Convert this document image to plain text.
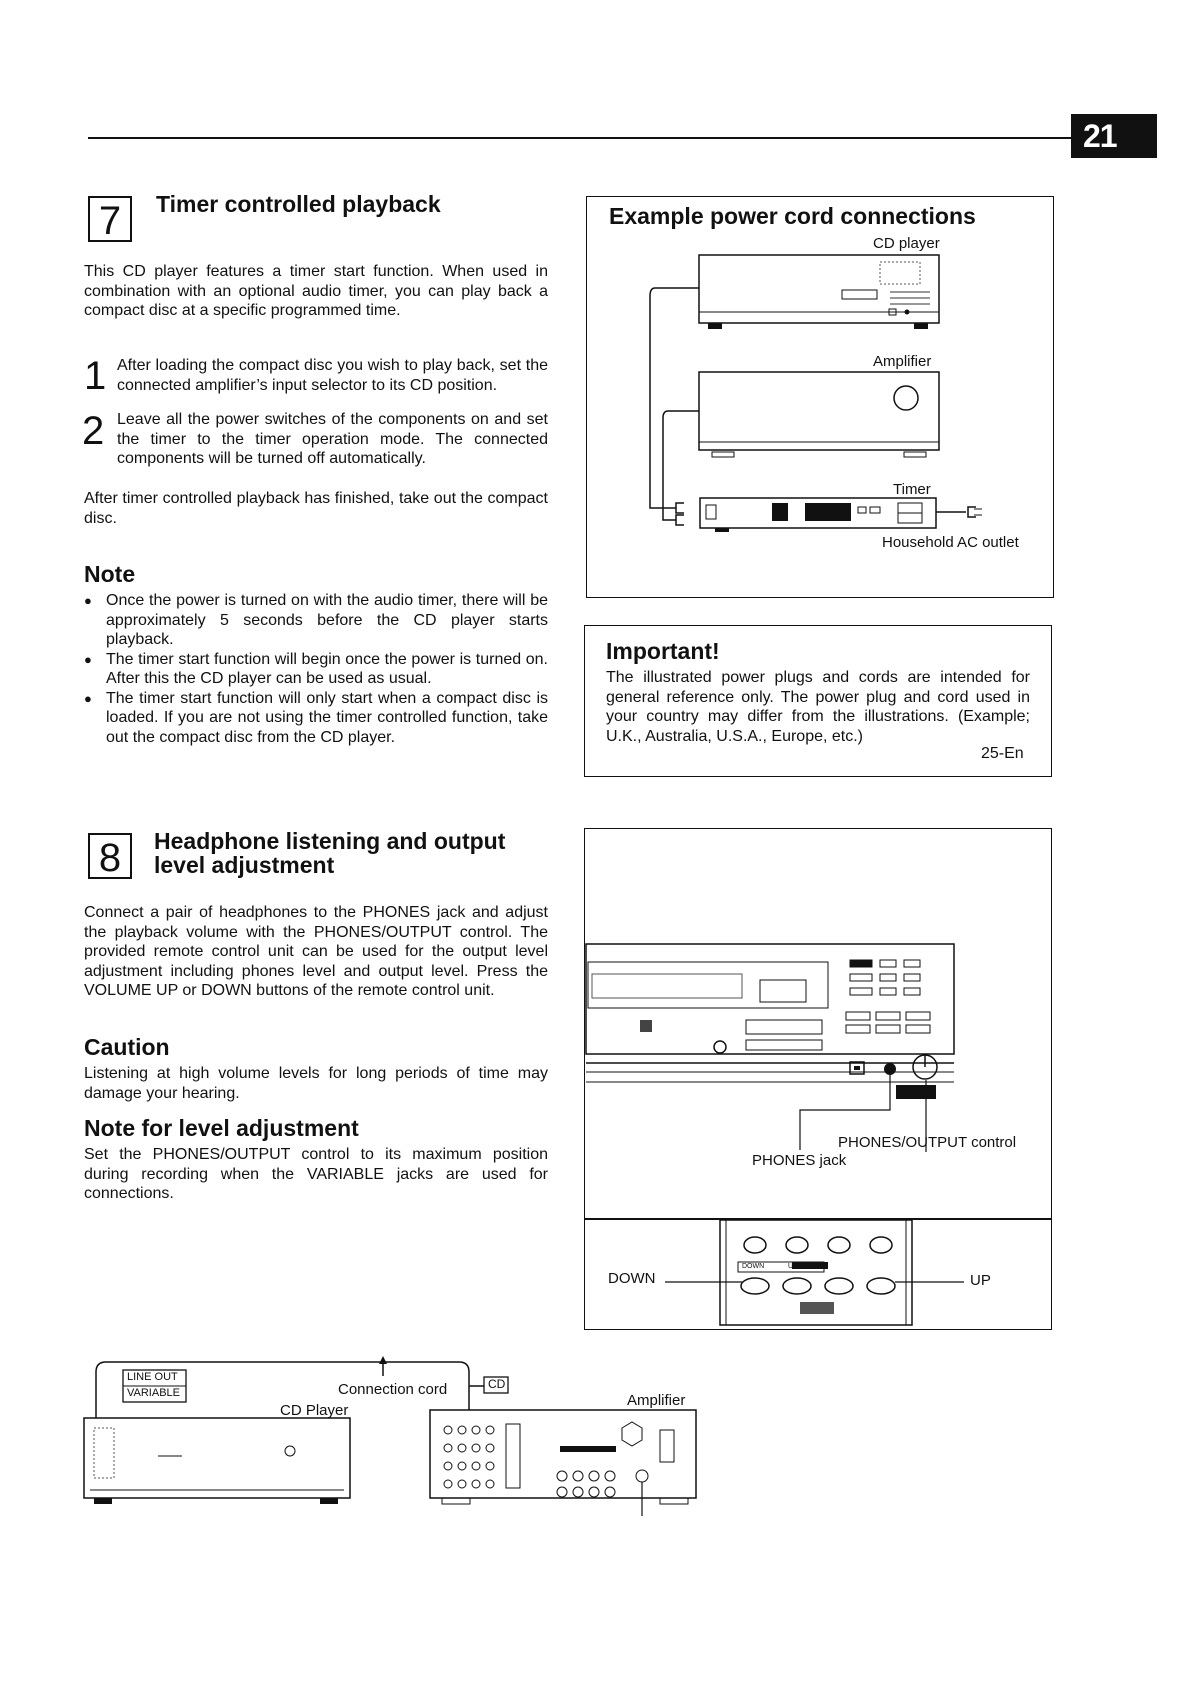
21
7	Timer controlled playback
This CD player features a timer start function. When used in combination with an optional audio timer, you can play back a compact disc at a specific programmed time.
1 After loading the compact disc you wish to play back, set the connected amplifier’s input selector to its CD position.
2 Leave all the power switches of the components on and set the timer to the timer operation mode. The connected components will be turned off automatically.
After timer controlled playback has finished, take out the compact disc.
Note
● Once the power is turned on with the audio timer, there will be approximately 5 seconds before the CD player starts playback.
● The timer start function will begin once the power is turned on. After this the CD player can be used as usual.
● The timer start function will only start when a compact disc is loaded. If you are not using the timer controlled function, take out the compact disc from the CD player.
Example power cord connections
CD player
Amplifier
Timer
Household AC outlet
Important!
The illustrated power plugs and cords are intended for general reference only. The power plug and cord used in your country may differ from the illustrations. (Example; U.K., Australia, U.S.A., Europe, etc.)
25-En
8	Headphone listening and output
level adjustment
Connect a pair of headphones to the PHONES jack and adjust the playback volume with the PHONES/OUTPUT control. The provided remote control unit can be used for the output level adjustment including phones level and output level. Press the VOLUME UP or DOWN buttons of the remote control unit.
Caution
Listening at high volume levels for long periods of time may damage your hearing.
Note for level adjustment
Set the PHONES/OUTPUT control to its maximum position during recording when the VARIABLE jacks are used for connections.
PHONES/OUTPUT control
PHONES jack
DOWN	UP
DOWN	UP
LINE OUT
VARIABLE	Connection cord	CD
CD Player
Amplifier
